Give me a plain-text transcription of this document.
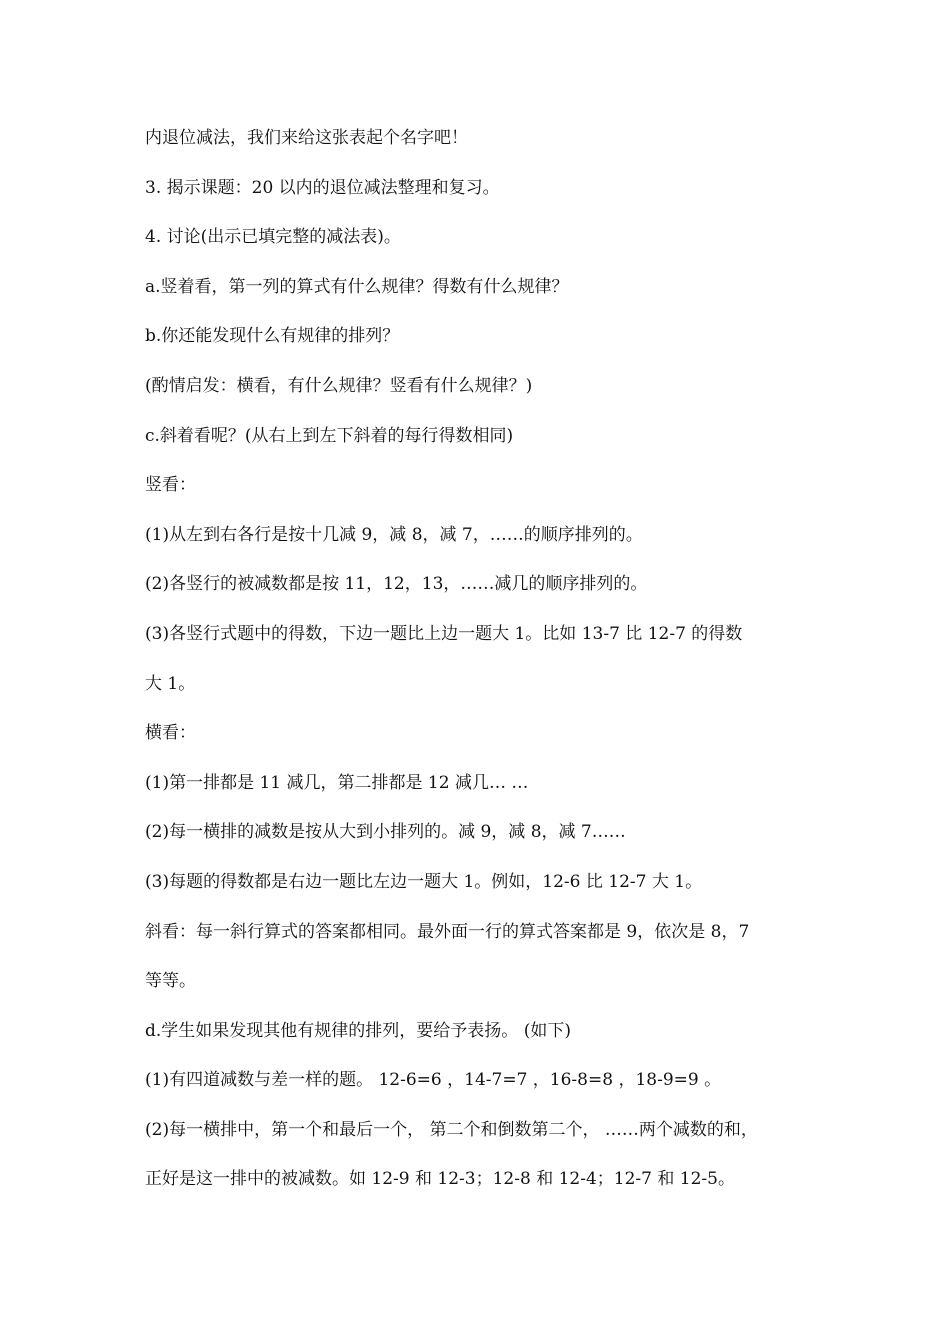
内退位减法，我们来给这张表起个名字吧！
3. 揭示课题：20 以内的退位减法整理和复习。
4. 讨论(出示已填完整的减法表)。
a.竖着看，第一列的算式有什么规律？得数有什么规律？
b.你还能发现什么有规律的排列？
(酌情启发：横看，有什么规律？竖看有什么规律？)
c.斜着看呢？(从右上到左下斜着的每行得数相同)
竖看：
(1)从左到右各行是按十几减 9，减 8，减 7，……的顺序排列的。
(2)各竖行的被减数都是按 11，12，13，……减几的顺序排列的。
(3)各竖行式题中的得数，下边一题比上边一题大 1。比如 13-7 比 12-7 的得数
大 1。
横看：
(1)第一排都是 11 减几，第二排都是 12 减几… …
(2)每一横排的减数是按从大到小排列的。减 9，减 8，减 7……
(3)每题的得数都是右边一题比左边一题大 1。例如，12-6 比 12-7 大 1。
斜看：每一斜行算式的答案都相同。最外面一行的算式答案都是 9，依次是 8，7
等等。
d.学生如果发现其他有规律的排列，要给予表扬。 (如下)
(1)有四道减数与差一样的题。 12-6=6 ，14-7=7 ，16-8=8 ，18-9=9 。
(2)每一横排中，第一个和最后一个， 第二个和倒数第二个， ……两个减数的和，
正好是这一排中的被减数。如 12-9 和 12-3；12-8 和 12-4；12-7 和 12-5。
